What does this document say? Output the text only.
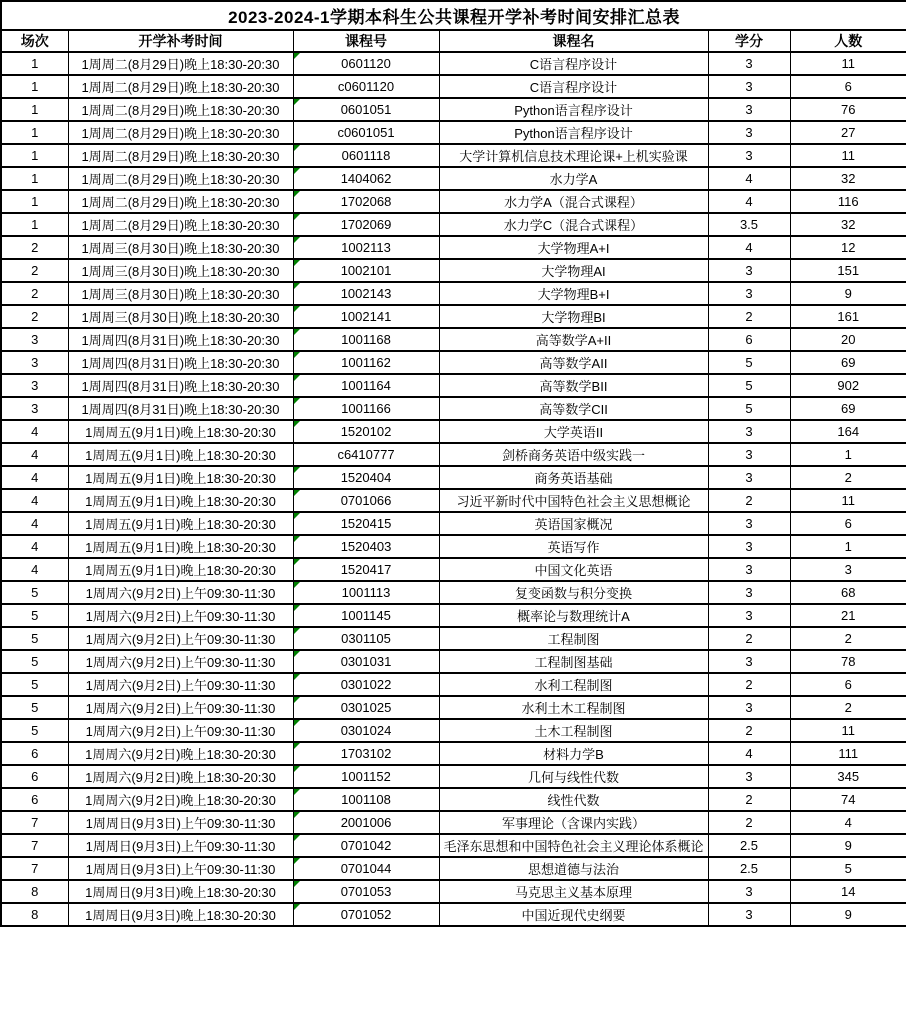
2023-2024-1学期本科生公共课程开学补考时间安排汇总表					
场次	开学补考时间	课程号	课程名	学分	人数
1	1周周二(8月29日)晚上18:30-20:30	0601120	C语言程序设计	3	11
1	1周周二(8月29日)晚上18:30-20:30	c0601120	C语言程序设计	3	6
1	1周周二(8月29日)晚上18:30-20:30	0601051	Python语言程序设计	3	76
1	1周周二(8月29日)晚上18:30-20:30	c0601051	Python语言程序设计	3	27
1	1周周二(8月29日)晚上18:30-20:30	0601118	大学计算机信息技术理论课+上机实验课	3	11
1	1周周二(8月29日)晚上18:30-20:30	1404062	水力学A	4	32
1	1周周二(8月29日)晚上18:30-20:30	1702068	水力学A（混合式课程）	4	116
1	1周周二(8月29日)晚上18:30-20:30	1702069	水力学C（混合式课程）	3.5	32
2	1周周三(8月30日)晚上18:30-20:30	1002113	大学物理A+I	4	12
2	1周周三(8月30日)晚上18:30-20:30	1002101	大学物理AI	3	151
2	1周周三(8月30日)晚上18:30-20:30	1002143	大学物理B+I	3	9
2	1周周三(8月30日)晚上18:30-20:30	1002141	大学物理BI	2	161
3	1周周四(8月31日)晚上18:30-20:30	1001168	高等数学A+II	6	20
3	1周周四(8月31日)晚上18:30-20:30	1001162	高等数学AII	5	69
3	1周周四(8月31日)晚上18:30-20:30	1001164	高等数学BII	5	902
3	1周周四(8月31日)晚上18:30-20:30	1001166	高等数学CII	5	69
4	1周周五(9月1日)晚上18:30-20:30	1520102	大学英语II	3	164
4	1周周五(9月1日)晚上18:30-20:30	c6410777	剑桥商务英语中级实践一	3	1
4	1周周五(9月1日)晚上18:30-20:30	1520404	商务英语基础	3	2
4	1周周五(9月1日)晚上18:30-20:30	0701066	习近平新时代中国特色社会主义思想概论	2	11
4	1周周五(9月1日)晚上18:30-20:30	1520415	英语国家概况	3	6
4	1周周五(9月1日)晚上18:30-20:30	1520403	英语写作	3	1
4	1周周五(9月1日)晚上18:30-20:30	1520417	中国文化英语	3	3
5	1周周六(9月2日)上午09:30-11:30	1001113	复变函数与积分变换	3	68
5	1周周六(9月2日)上午09:30-11:30	1001145	概率论与数理统计A	3	21
5	1周周六(9月2日)上午09:30-11:30	0301105	工程制图	2	2
5	1周周六(9月2日)上午09:30-11:30	0301031	工程制图基础	3	78
5	1周周六(9月2日)上午09:30-11:30	0301022	水利工程制图	2	6
5	1周周六(9月2日)上午09:30-11:30	0301025	水利土木工程制图	3	2
5	1周周六(9月2日)上午09:30-11:30	0301024	土木工程制图	2	11
6	1周周六(9月2日)晚上18:30-20:30	1703102	材料力学B	4	111
6	1周周六(9月2日)晚上18:30-20:30	1001152	几何与线性代数	3	345
6	1周周六(9月2日)晚上18:30-20:30	1001108	线性代数	2	74
7	1周周日(9月3日)上午09:30-11:30	2001006	军事理论（含课内实践）	2	4
7	1周周日(9月3日)上午09:30-11:30	0701042	毛泽东思想和中国特色社会主义理论体系概论	2.5	9
7	1周周日(9月3日)上午09:30-11:30	0701044	思想道德与法治	2.5	5
8	1周周日(9月3日)晚上18:30-20:30	0701053	马克思主义基本原理	3	14
8	1周周日(9月3日)晚上18:30-20:30	0701052	中国近现代史纲要	3	9
